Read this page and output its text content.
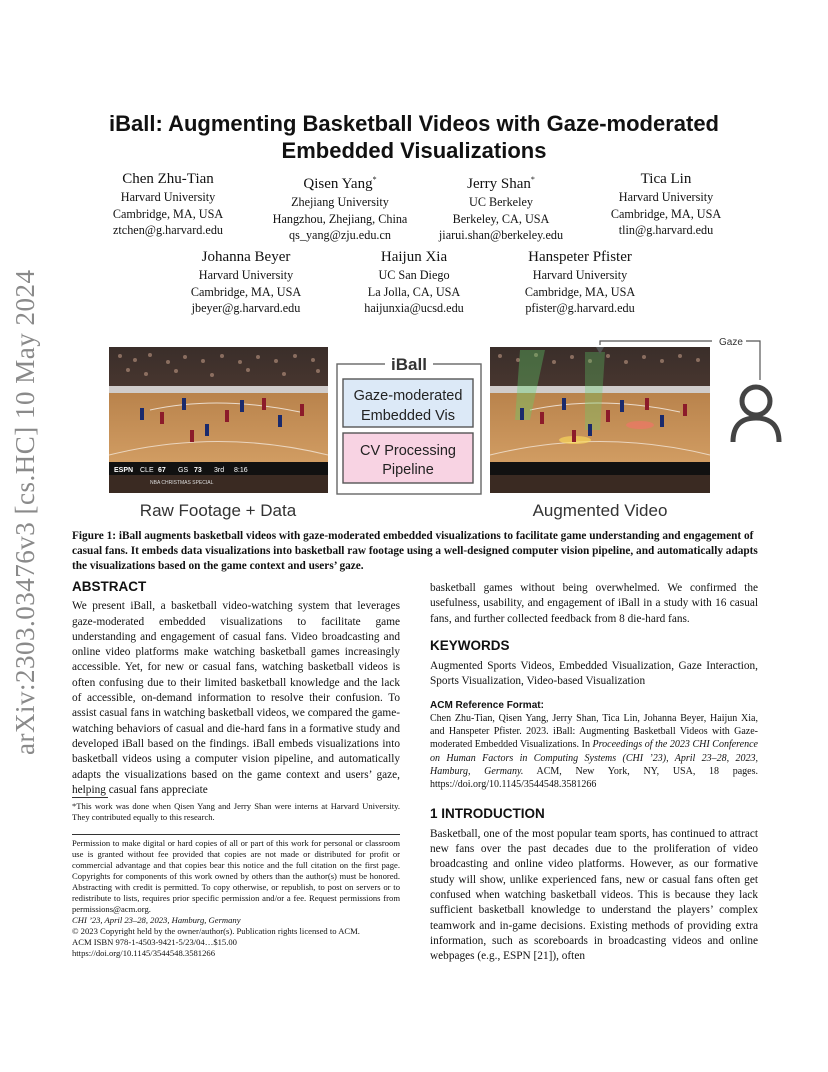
arXiv:2303.03476v3 [cs.HC] 10 May 2024
iBall: Augmenting Basketball Videos with Gaze-moderated
Embedded Visualizations
Chen Zhu-Tian
Harvard University
Cambridge, MA, USA
ztchen@g.harvard.edu
Qisen Yang*
Zhejiang University
Hangzhou, Zhejiang, China
qs_yang@zju.edu.cn
Jerry Shan*
UC Berkeley
Berkeley, CA, USA
jiarui.shan@berkeley.edu
Tica Lin
Harvard University
Cambridge, MA, USA
tlin@g.harvard.edu
Johanna Beyer
Harvard University
Cambridge, MA, USA
jbeyer@g.harvard.edu
Haijun Xia
UC San Diego
La Jolla, CA, USA
haijunxia@ucsd.edu
Hanspeter Pfister
Harvard University
Cambridge, MA, USA
pfister@g.harvard.edu
ESPN CLE 67 GS 73 3rd 8:16
NBA CHRISTMAS SPECIAL
iBall
Gaze-moderated
Embedded Vis
CV Processing
Pipeline
Gaze
Raw Footage + Data	Augmented Video
Figure 1: iBall augments basketball videos with gaze-moderated embedded visualizations to facilitate game understanding and engagement of casual fans. It embeds data visualizations into basketball raw footage using a well-designed computer vision pipeline, and automatically adapts the visualizations based on the game context and users’ gaze.
ABSTRACT
We present iBall, a basketball video-watching system that leverages gaze-moderated embedded visualizations to facilitate game understanding and engagement of casual fans. Video broadcasting and online video platforms make watching basketball games increasingly accessible. Yet, for new or casual fans, watching basketball videos is often confusing due to their limited basketball knowledge and the lack of accessible, on-demand information to resolve their confusion. To assist casual fans in watching basketball videos, we compared the game-watching behaviors of casual and die-hard fans in a formative study and developed iBall based on the findings. iBall embeds visualizations into basketball videos using a computer vision pipeline, and automatically adapts the visualizations based on the game context and users’ gaze, helping casual fans appreciate
*This work was done when Qisen Yang and Jerry Shan were interns at Harvard University. They contributed equally to this research.
Permission to make digital or hard copies of all or part of this work for personal or classroom use is granted without fee provided that copies are not made or distributed for profit or commercial advantage and that copies bear this notice and the full citation on the first page. Copyrights for components of this work owned by others than the author(s) must be honored. Abstracting with credit is permitted. To copy otherwise, or republish, to post on servers or to redistribute to lists, requires prior specific permission and/or a fee. Request permissions from permissions@acm.org.
CHI ’23, April 23–28, 2023, Hamburg, Germany
© 2023 Copyright held by the owner/author(s). Publication rights licensed to ACM.
ACM ISBN 978-1-4503-9421-5/23/04…$15.00
https://doi.org/10.1145/3544548.3581266
basketball games without being overwhelmed. We confirmed the usefulness, usability, and engagement of iBall in a study with 16 casual fans, and further collected feedback from 8 die-hard fans.
KEYWORDS
Augmented Sports Videos, Embedded Visualization, Gaze Interaction, Sports Visualization, Video-based Visualization
ACM Reference Format:
Chen Zhu-Tian, Qisen Yang, Jerry Shan, Tica Lin, Johanna Beyer, Haijun Xia, and Hanspeter Pfister. 2023. iBall: Augmenting Basketball Videos with Gaze-moderated Embedded Visualizations. In Proceedings of the 2023 CHI Conference on Human Factors in Computing Systems (CHI ’23), April 23–28, 2023, Hamburg, Germany. ACM, New York, NY, USA, 18 pages. https://doi.org/10.1145/3544548.3581266
1 INTRODUCTION
Basketball, one of the most popular team sports, has continued to attract new fans over the past decades due to the proliferation of video broadcasting and online video platforms. However, as our formative study will show, unlike experienced fans, new or casual fans often get confused when watching basketball videos. This is because they lack sufficient basketball knowledge to understand the players’ complex teamwork and in-game decisions. Existing methods of providing extra information, such as scoreboards in broadcasting videos and online webpages (e.g., ESPN [21]), often
